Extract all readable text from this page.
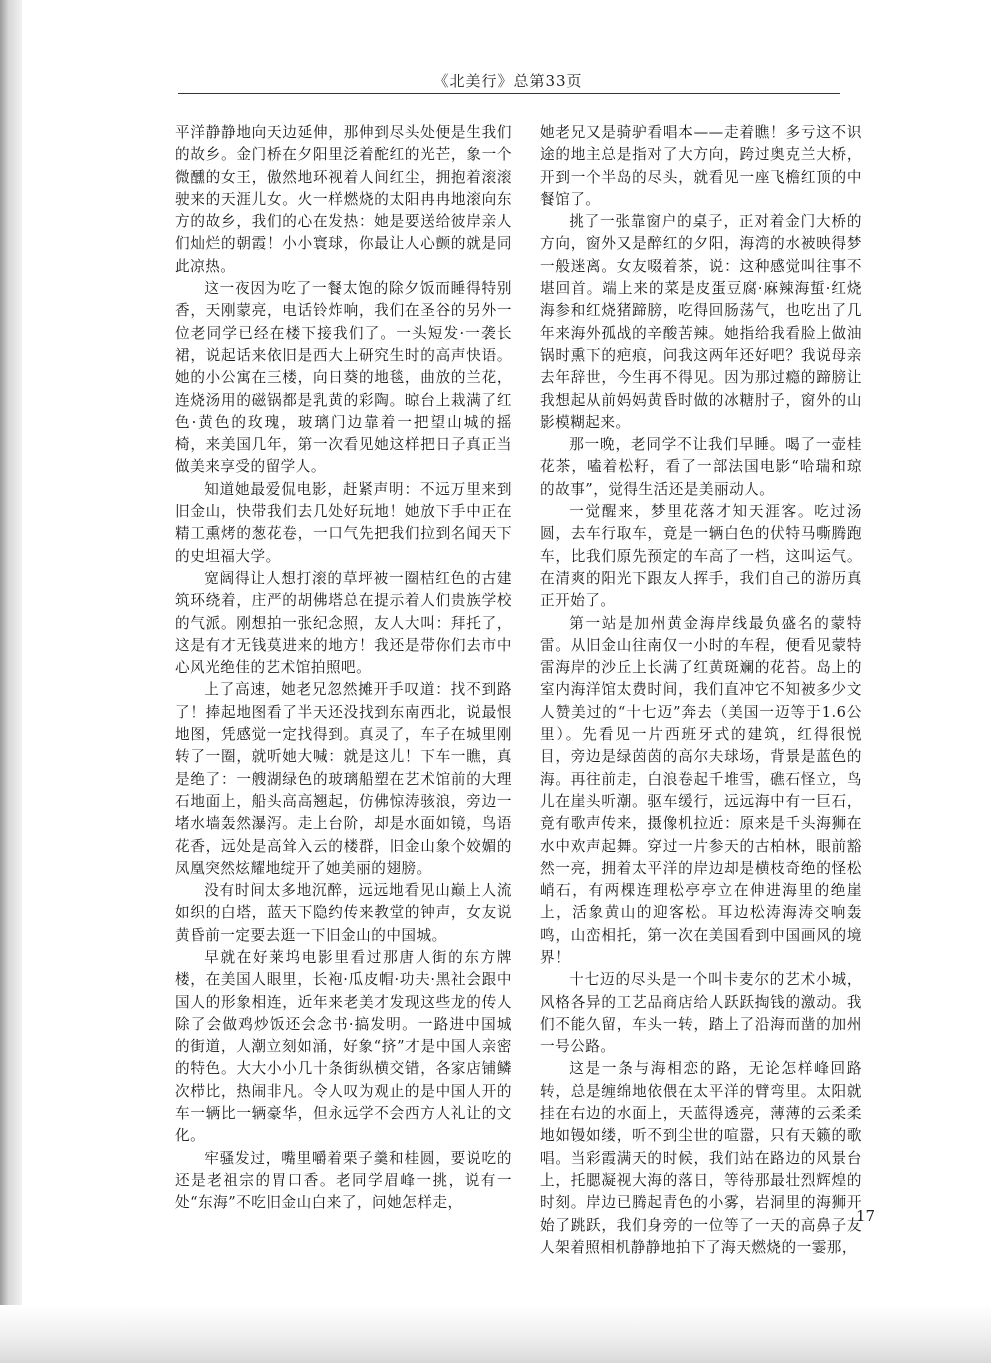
《北美行》总第33页

平洋静静地向天边延伸，那伸到尽头处便是生我们的故乡。金门桥在夕阳里泛着酡红的光芒，象一个微醺的女王，傲然地环视着人间红尘，拥抱着滚滚驶来的天涯儿女。火一样燃烧的太阳冉冉地滚向东方的故乡，我们的心在发热：她是要送给彼岸亲人们灿烂的朝霞！小小寰球，你最让人心颤的就是同此凉热。

这一夜因为吃了一餐太饱的除夕饭而睡得特别香，天刚蒙亮，电话铃炸响，我们在圣谷的另外一位老同学已经在楼下接我们了。一头短发·一袭长裙，说起话来依旧是西大上研究生时的高声快语。她的小公寓在三楼，向日葵的地毯，曲放的兰花，连烧汤用的磁锅都是乳黄的彩陶。晾台上栽满了红色·黄色的玫瑰，玻璃门边靠着一把望山城的摇椅，来美国几年，第一次看见她这样把日子真正当做美来享受的留学人。

知道她最爱侃电影，赶紧声明：不远万里来到旧金山，快带我们去几处好玩地！她放下手中正在精工熏烤的葱花卷，一口气先把我们拉到名闻天下的史坦福大学。

宽阔得让人想打滚的草坪被一圈桔红色的古建筑环绕着，庄严的胡佛塔总在提示着人们贵族学校的气派。刚想拍一张纪念照，友人大叫：拜托了，这是有才无钱莫进来的地方！我还是带你们去市中心风光绝佳的艺术馆拍照吧。

上了高速，她老兄忽然摊开手叹道：找不到路了！捧起地图看了半天还没找到东南西北，说最恨地图，凭感觉一定找得到。真灵了，车子在城里刚转了一圈，就听她大喊：就是这儿！下车一瞧，真是绝了：一艘湖绿色的玻璃船塑在艺术馆前的大理石地面上，船头高高翘起，仿佛惊涛骇浪，旁边一堵水墙轰然瀑泻。走上台阶，却是水面如镜，鸟语花香，远处是高耸入云的楼群，旧金山象个姣媚的凤凰突然炫耀地绽开了她美丽的翅膀。

没有时间太多地沉醉，远远地看见山巅上人流如织的白塔，蓝天下隐约传来教堂的钟声，女友说黄昏前一定要去逛一下旧金山的中国城。

早就在好莱坞电影里看过那唐人街的东方牌楼，在美国人眼里，长袍·瓜皮帽·功夫·黑社会跟中国人的形象相连，近年来老美才发现这些龙的传人除了会做鸡炒饭还会念书·搞发明。一路进中国城的街道，人潮立刻如涌，好象“挤”才是中国人亲密的特色。大大小小几十条街纵横交错，各家店铺鳞次栉比，热闹非凡。令人叹为观止的是中国人开的车一辆比一辆豪华，但永远学不会西方人礼让的文化。

牢骚发过，嘴里嚼着栗子羹和桂圆，要说吃的还是老祖宗的胃口香。老同学眉峰一挑，说有一处“东海”不吃旧金山白来了，问她怎样走，

她老兄又是骑驴看唱本——走着瞧！多亏这不识途的地主总是指对了大方向，跨过奥克兰大桥，开到一个半岛的尽头，就看见一座飞檐红顶的中餐馆了。

挑了一张靠窗户的桌子，正对着金门大桥的方向，窗外又是醉红的夕阳，海湾的水被映得梦一般迷离。女友啜着茶，说：这种感觉叫往事不堪回首。端上来的菜是皮蛋豆腐·麻辣海蜇·红烧海参和红烧猪蹄膀，吃得回肠荡气，也吃出了几年来海外孤战的辛酸苦辣。她指给我看脸上做油锅时熏下的疤痕，问我这两年还好吧？我说母亲去年辞世，今生再不得见。因为那过瘾的蹄膀让我想起从前妈妈黄昏时做的冰糖肘子，窗外的山影模糊起来。

那一晚，老同学不让我们早睡。喝了一壶桂花茶，嗑着松籽，看了一部法国电影“哈瑞和琼的故事”，觉得生活还是美丽动人。

一觉醒来，梦里花落才知天涯客。吃过汤圆，去车行取车，竟是一辆白色的伏特马嘶腾跑车，比我们原先预定的车高了一档，这叫运气。在清爽的阳光下跟友人挥手，我们自己的游历真正开始了。

第一站是加州黄金海岸线最负盛名的蒙特雷。从旧金山往南仅一小时的车程，便看见蒙特雷海岸的沙丘上长满了红黄斑斓的花苔。岛上的室内海洋馆太费时间，我们直冲它不知被多少文人赞美过的“十七迈”奔去（美国一迈等于1.6公里）。先看见一片西班牙式的建筑，红得很悦目，旁边是绿茵茵的高尔夫球场，背景是蓝色的海。再往前走，白浪卷起千堆雪，礁石怪立，鸟儿在崖头听潮。驱车缓行，远远海中有一巨石，竟有歌声传来，摄像机拉近：原来是千头海狮在水中欢声起舞。穿过一片参天的古柏林，眼前豁然一亮，拥着太平洋的岸边却是横枝奇绝的怪松峭石，有两棵连理松亭亭立在伸进海里的绝崖上，活象黄山的迎客松。耳边松涛海涛交响轰鸣，山峦相托，第一次在美国看到中国画风的境界！

十七迈的尽头是一个叫卡麦尔的艺术小城，风格各异的工艺品商店给人跃跃掏钱的激动。我们不能久留，车头一转，踏上了沿海而凿的加州一号公路。

这是一条与海相恋的路，无论怎样峰回路转，总是缠绵地依偎在太平洋的臂弯里。太阳就挂在右边的水面上，天蓝得透亮，薄薄的云柔柔地如镘如缕，听不到尘世的喧嚣，只有天籁的歌唱。当彩霞满天的时候，我们站在路边的风景台上，托腮凝视大海的落日，等待那最壮烈辉煌的时刻。岸边已腾起青色的小雾，岩洞里的海狮开始了跳跃，我们身旁的一位等了一天的高鼻子友人架着照相机静静地拍下了海天燃烧的一霎那，

17
